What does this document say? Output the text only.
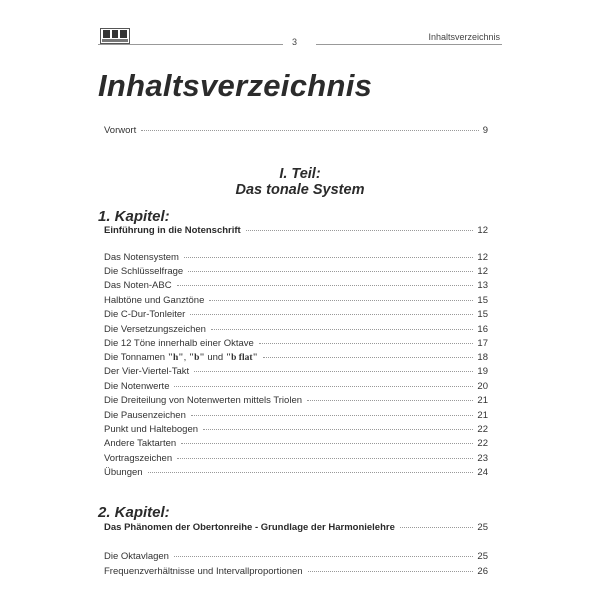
3	Inhaltsverzeichnis
Inhaltsverzeichnis
Vorwort	9
I. Teil:
Das tonale System
1. Kapitel:
Einführung in die Notenschrift	12
Das Notensystem	12
Die Schlüsselfrage	12
Das Noten-ABC	13
Halbtöne und Ganztöne	15
Die C-Dur-Tonleiter	15
Die Versetzungszeichen	16
Die 12 Töne innerhalb einer Oktave	17
Die Tonnamen "h", "b" und "b flat"	18
Der Vier-Viertel-Takt	19
Die Notenwerte	20
Die Dreiteilung von Notenwerten mittels Triolen	21
Die Pausenzeichen	21
Punkt und Haltebogen	22
Andere Taktarten	22
Vortragszeichen	23
Übungen	24
2. Kapitel:
Das Phänomen der Obertonreihe - Grundlage der Harmonielehre	25
Die Oktavlagen	25
Frequenzverhältnisse und Intervallproportionen	26
